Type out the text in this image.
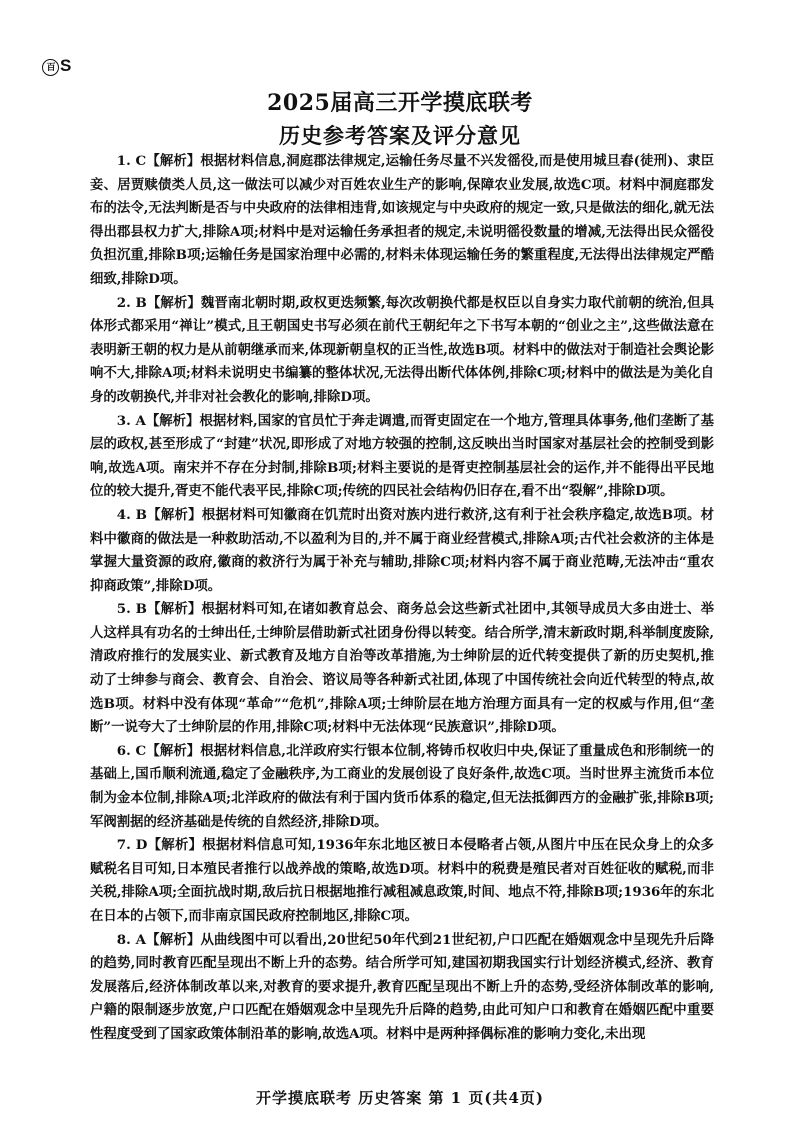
百 S
2025届高三开学摸底联考
历史参考答案及评分意见

1. C【解析】根据材料信息,洞庭郡法律规定,运输任务尽量不兴发徭役,而是使用城旦舂(徒刑)、隶臣妾、居贾赎债类人员,这一做法可以减少对百姓农业生产的影响,保障农业发展,故选C项。材料中洞庭郡发布的法令,无法判断是否与中央政府的法律相违背,如该规定与中央政府的规定一致,只是做法的细化,就无法得出郡县权力扩大,排除A项;材料中是对运输任务承担者的规定,未说明徭役数量的增减,无法得出民众徭役负担沉重,排除B项;运输任务是国家治理中必需的,材料未体现运输任务的繁重程度,无法得出法律规定严酷细致,排除D项。

2. B【解析】魏晋南北朝时期,政权更迭频繁,每次改朝换代都是权臣以自身实力取代前朝的统治,但具体形式都采用“禅让”模式,且王朝国史书写必须在前代王朝纪年之下书写本朝的“创业之主”,这些做法意在表明新王朝的权力是从前朝继承而来,体现新朝皇权的正当性,故选B项。材料中的做法对于制造社会舆论影响不大,排除A项;材料未说明史书编纂的整体状况,无法得出断代体体例,排除C项;材料中的做法是为美化自身的改朝换代,并非对社会教化的影响,排除D项。

3. A【解析】根据材料,国家的官员忙于奔走调遣,而胥吏固定在一个地方,管理具体事务,他们垄断了基层的政权,甚至形成了“封建”状况,即形成了对地方较强的控制,这反映出当时国家对基层社会的控制受到影响,故选A项。南宋并不存在分封制,排除B项;材料主要说的是胥吏控制基层社会的运作,并不能得出平民地位的较大提升,胥吏不能代表平民,排除C项;传统的四民社会结构仍旧存在,看不出“裂解”,排除D项。

4. B【解析】根据材料可知徽商在饥荒时出资对族内进行救济,这有利于社会秩序稳定,故选B项。材料中徽商的做法是一种救助活动,不以盈利为目的,并不属于商业经营模式,排除A项;古代社会救济的主体是掌握大量资源的政府,徽商的救济行为属于补充与辅助,排除C项;材料内容不属于商业范畴,无法冲击“重农抑商政策”,排除D项。

5. B【解析】根据材料可知,在诸如教育总会、商务总会这些新式社团中,其领导成员大多由进士、举人这样具有功名的士绅出任,士绅阶层借助新式社团身份得以转变。结合所学,清末新政时期,科举制度废除,清政府推行的发展实业、新式教育及地方自治等改革措施,为士绅阶层的近代转变提供了新的历史契机,推动了士绅参与商会、教育会、自治会、谘议局等各种新式社团,体现了中国传统社会向近代转型的特点,故选B项。材料中没有体现“革命”“危机”,排除A项;士绅阶层在地方治理方面具有一定的权威与作用,但“垄断”一说夸大了士绅阶层的作用,排除C项;材料中无法体现“民族意识”,排除D项。

6. C【解析】根据材料信息,北洋政府实行银本位制,将铸币权收归中央,保证了重量成色和形制统一的基础上,国币顺利流通,稳定了金融秩序,为工商业的发展创设了良好条件,故选C项。当时世界主流货币本位制为金本位制,排除A项;北洋政府的做法有利于国内货币体系的稳定,但无法抵御西方的金融扩张,排除B项;军阀割据的经济基础是传统的自然经济,排除D项。

7. D【解析】根据材料信息可知,1936年东北地区被日本侵略者占领,从图片中压在民众身上的众多赋税名目可知,日本殖民者推行以战养战的策略,故选D项。材料中的税费是殖民者对百姓征收的赋税,而非关税,排除A项;全面抗战时期,敌后抗日根据地推行减租减息政策,时间、地点不符,排除B项;1936年的东北在日本的占领下,而非南京国民政府控制地区,排除C项。

8. A【解析】从曲线图中可以看出,20世纪50年代到21世纪初,户口匹配在婚姻观念中呈现先升后降的趋势,同时教育匹配呈现出不断上升的态势。结合所学可知,建国初期我国实行计划经济模式,经济、教育发展落后,经济体制改革以来,对教育的要求提升,教育匹配呈现出不断上升的态势,受经济体制改革的影响,户籍的限制逐步放宽,户口匹配在婚姻观念中呈现先升后降的趋势,由此可知户口和教育在婚姻匹配中重要性程度受到了国家政策体制沿革的影响,故选A项。材料中是两种择偶标准的影响力变化,未出现

开学摸底联考 历史答案 第 1 页(共4页)
